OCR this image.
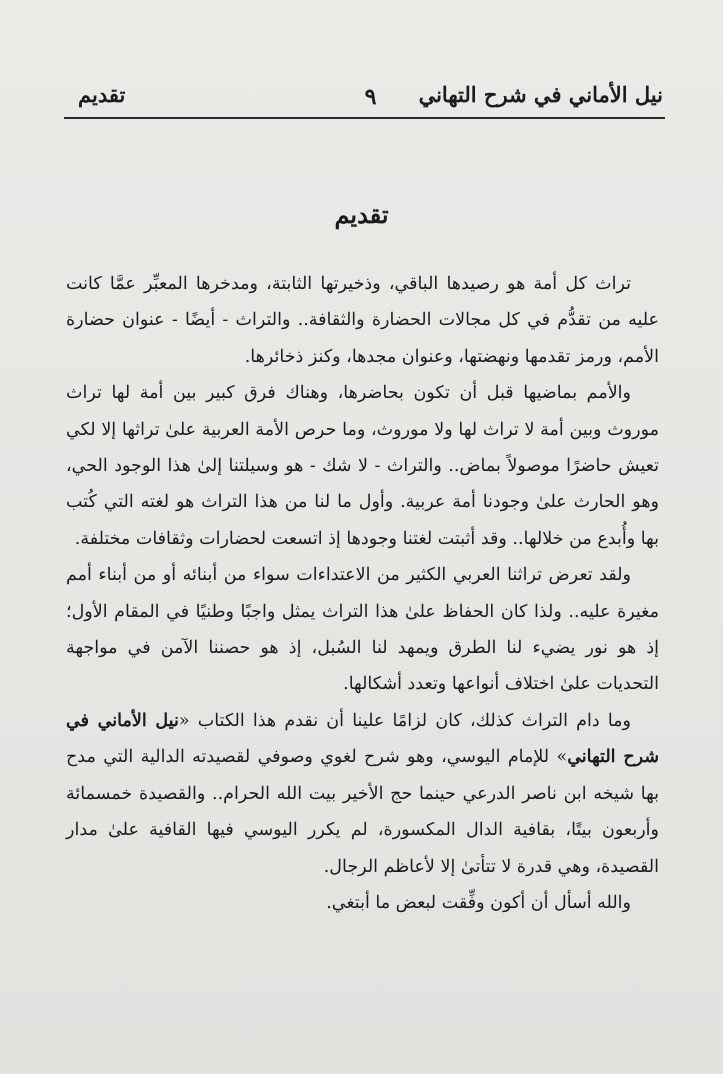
نيل الأماني في شرح التهاني
٩
تقديم
تقديم

تراث كل أمة هو رصيدها الباقي، وذخيرتها الثابتة، ومدخرها المعبِّر عمَّا كانت عليه من تقدُّم في كل مجالات الحضارة والثقافة.. والتراث - أيضًا - عنوان حضارة الأمم، ورمز تقدمها ونهضتها، وعنوان مجدها، وكنز ذخائرها.

والأمم بماضيها قبل أن تكون بحاضرها، وهناك فرق كبير بين أمة لها تراث موروث وبين أمة لا تراث لها ولا موروث، وما حرص الأمة العربية علىٰ تراثها إلا لكي تعيش حاضرًا موصولاً بماض.. والتراث - لا شك - هو وسيلتنا إلىٰ هذا الوجود الحي، وهو الحارث علىٰ وجودنا أمة عربية. وأول ما لنا من هذا التراث هو لغته التي كُتب بها وأُبدع من خلالها.. وقد أثبتت لغتنا وجودها إذ اتسعت لحضارات وثقافات مختلفة.

ولقد تعرض تراثنا العربي الكثير من الاعتداءات سواء من أبنائه أو من أبناء أمم مغيرة عليه.. ولذا كان الحفاظ علىٰ هذا التراث يمثل واجبًا وطنيًا في المقام الأول؛ إذ هو نور يضيء لنا الطرق ويمهد لنا السُبل، إذ هو حصننا الآمن في مواجهة التحديات علىٰ اختلاف أنواعها وتعدد أشكالها.

وما دام التراث كذلك، كان لزامًا علينا أن نقدم هذا الكتاب «نيل الأماني في شرح التهاني» للإمام اليوسي، وهو شرح لغوي وصوفي لقصيدته الدالية التي مدح بها شيخه ابن ناصر الدرعي حينما حج الأخير بيت الله الحرام.. والقصيدة خمسمائة وأربعون بيتًا، بقافية الدال المكسورة، لم يكرر اليوسي فيها القافية علىٰ مدار القصيدة، وهي قدرة لا تتأتىٰ إلا لأعاظم الرجال.

والله أسأل أن أكون وفِّقت لبعض ما أبتغي.
